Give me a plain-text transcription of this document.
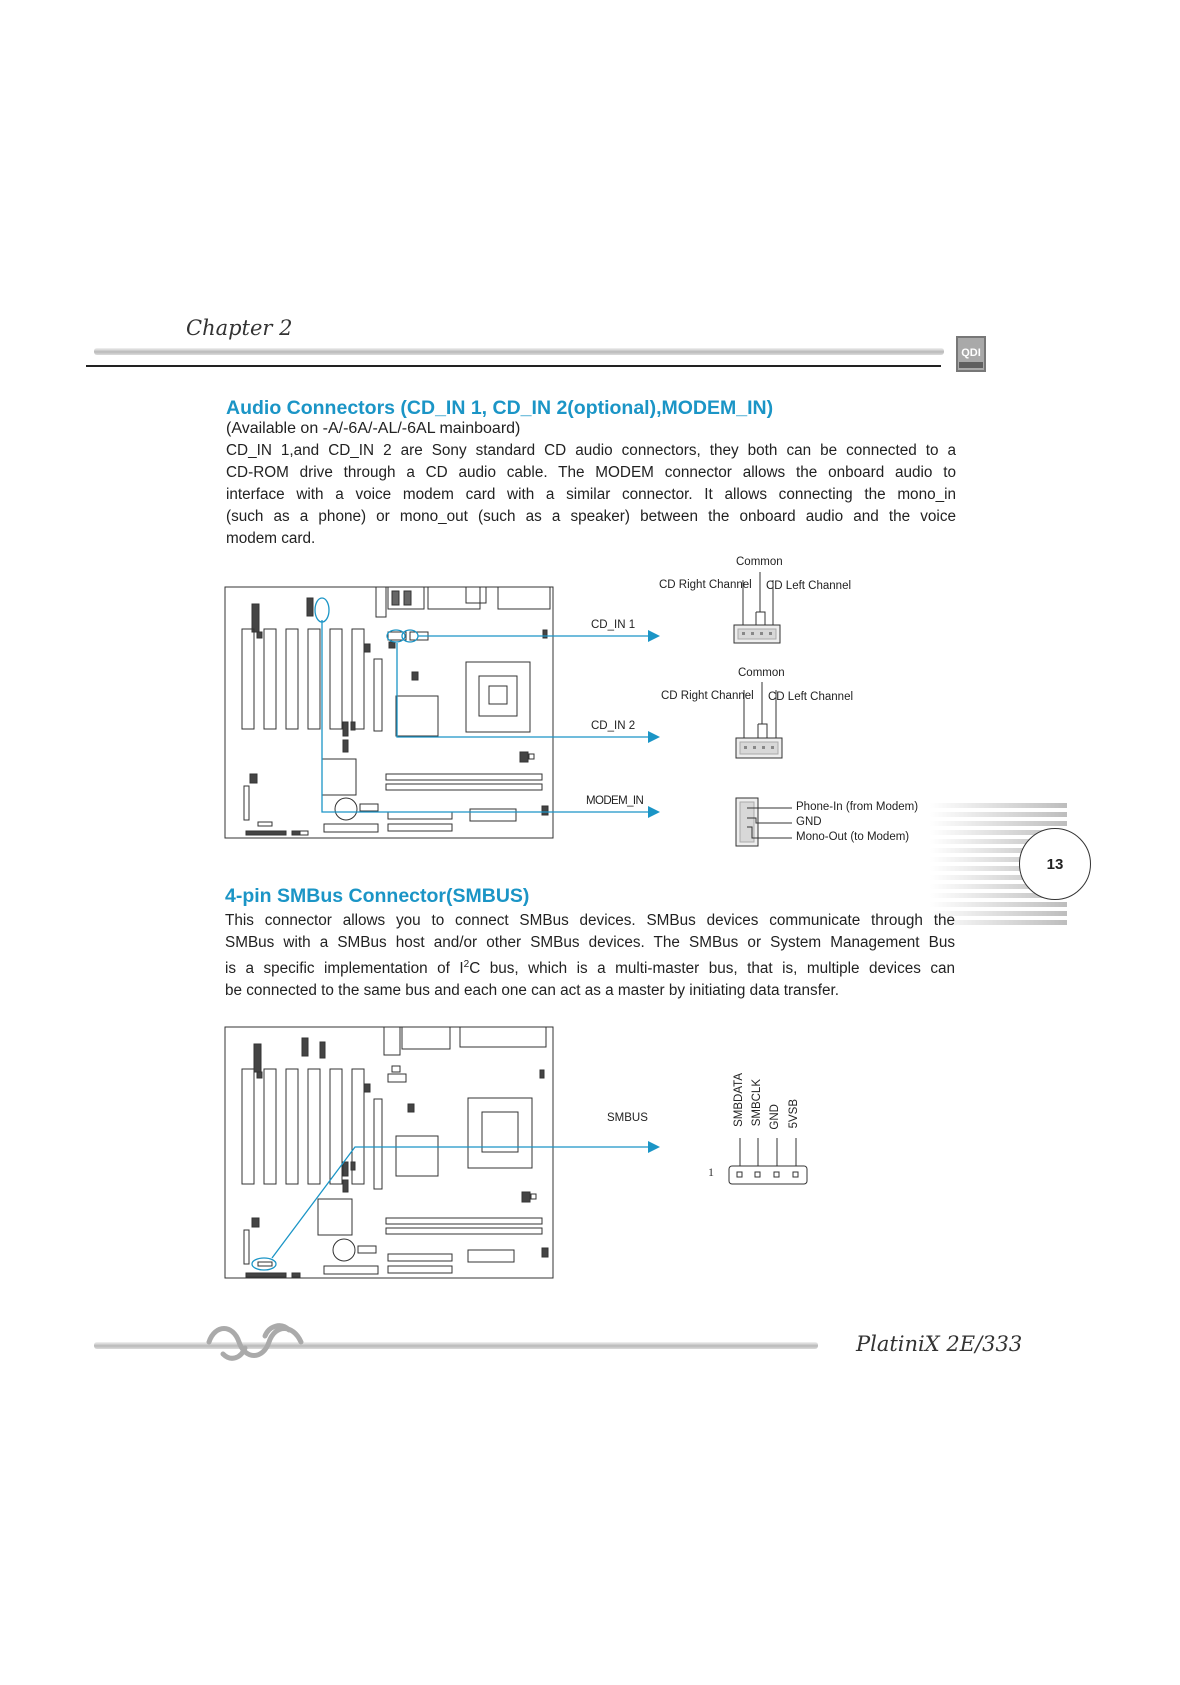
Chapter 2
QDI
Audio Connectors (CD_IN 1, CD_IN 2(optional),MODEM_IN)
(Available on -A/-6A/-AL/-6AL mainboard)
CD_IN 1,and CD_IN 2 are Sony standard CD audio connectors, they both can be connected to a
CD-ROM drive through a CD audio cable. The MODEM connector allows the onboard audio to
interface with a voice modem card with a similar connector. It allows connecting the mono_in
(such as a phone) or mono_out (such as a speaker) between the onboard audio and the voice
modem card.
CD_IN 1
CD_IN 2
MODEM_IN
Common
CD Right Channel CD Left Channel
Common
CD Right Channel CD Left Channel
Phone-In (from Modem)
GND
Mono-Out (to Modem)
13
4-pin SMBus Connector(SMBUS)
This connector allows you to connect SMBus devices. SMBus devices communicate through the
SMBus with a SMBus host and/or other SMBus devices. The SMBus or System Management Bus
is a specific implementation of $I^2C$ bus, which is a multi-master bus, that is, multiple devices can
be connected to the same bus and each one can act as a master by initiating data transfer.
SMBUS	SMBDATA SMBCLK GND 5VSB
1
PlatiniX 2E/333
